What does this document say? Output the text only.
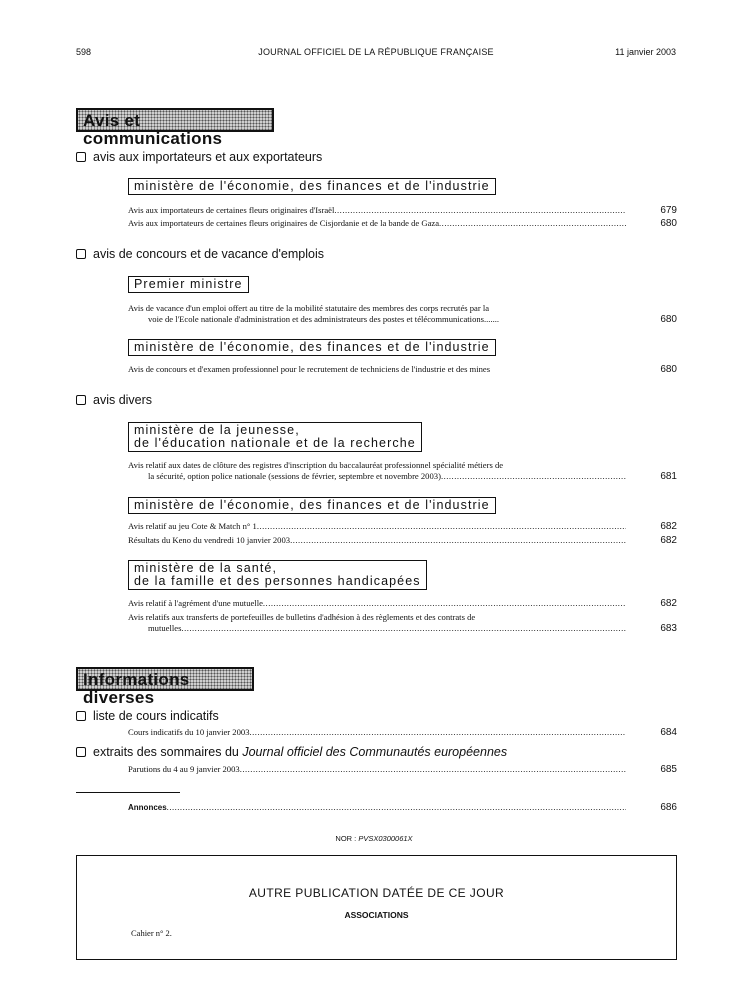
598	JOURNAL OFFICIEL DE LA RÉPUBLIQUE FRANÇAISE	11 janvier 2003
Avis et communications
avis aux importateurs et aux exportateurs
ministère de l'économie, des finances et de l'industrie
Avis aux importateurs de certaines fleurs originaires d'Israël .....	679
Avis aux importateurs de certaines fleurs originaires de Cisjordanie et de la bande de Gaza .....	680
avis de concours et de vacance d'emplois
Premier ministre
Avis de vacance d'un emploi offert au titre de la mobilité statutaire des membres des corps recrutés par la
voie de l'Ecole nationale d'administration et des administrateurs des postes et télécommunications.......	680
ministère de l'économie, des finances et de l'industrie
Avis de concours et d'examen professionnel pour le recrutement de techniciens de l'industrie et des mines	680
avis divers
ministère de la jeunesse,
de l'éducation nationale et de la recherche
Avis relatif aux dates de clôture des registres d'inscription du baccalauréat professionnel spécialité métiers de
la sécurité, option police nationale (sessions de février, septembre et novembre 2003) .....	681
ministère de l'économie, des finances et de l'industrie
Avis relatif au jeu Cote & Match n° 1 .....	682
Résultats du Keno du vendredi 10 janvier 2003 .....	682
ministère de la santé,
de la famille et des personnes handicapées
Avis relatif à l'agrément d'une mutuelle .....	682
Avis relatifs aux transferts de portefeuilles de bulletins d'adhésion à des règlements et des contrats de
mutuelles .....	683
Informations diverses
liste de cours indicatifs
Cours indicatifs du 10 janvier 2003 .....	684
extraits des sommaires du Journal officiel des Communautés européennes
Parutions du 4 au 9 janvier 2003 .....	685
Annonces .....	686
NOR : PVSX0300061X
AUTRE PUBLICATION DATÉE DE CE JOUR
ASSOCIATIONS
Cahier n° 2.
